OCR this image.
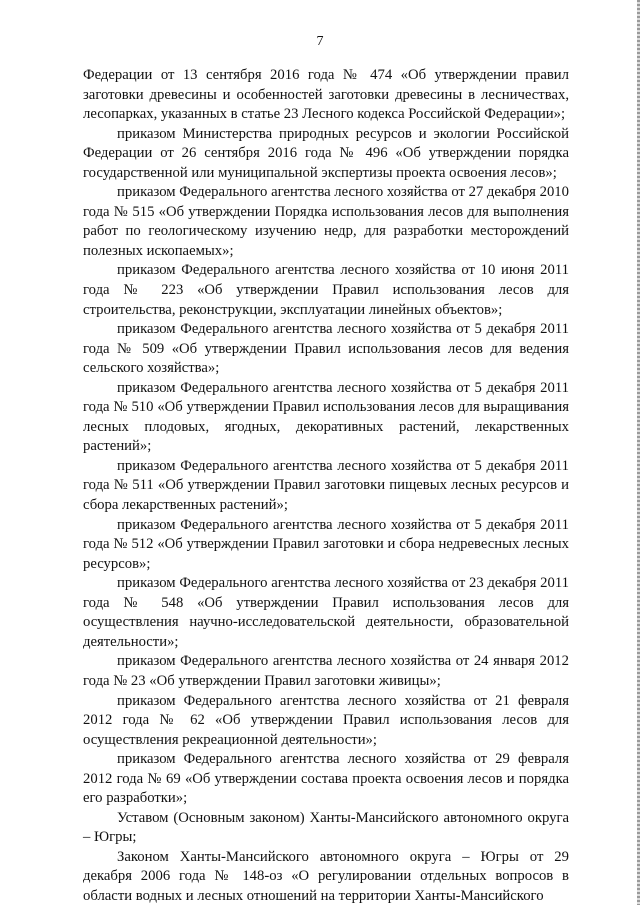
7

Федерации от 13 сентября 2016 года № 474 «Об утверждении правил заготовки древесины и особенностей заготовки древесины в лесничествах, лесопарках, указанных в статье 23 Лесного кодекса Российской Федерации»;

приказом Министерства природных ресурсов и экологии Российской Федерации от 26 сентября 2016 года № 496 «Об утверждении порядка государственной или муниципальной экспертизы проекта освоения лесов»;

приказом Федерального агентства лесного хозяйства от 27 декабря 2010 года № 515 «Об утверждении Порядка использования лесов для выполнения работ по геологическому изучению недр, для разработки месторождений полезных ископаемых»;

приказом Федерального агентства лесного хозяйства от 10 июня 2011 года № 223 «Об утверждении Правил использования лесов для строительства, реконструкции, эксплуатации линейных объектов»;

приказом Федерального агентства лесного хозяйства от 5 декабря 2011 года № 509 «Об утверждении Правил использования лесов для ведения сельского хозяйства»;

приказом Федерального агентства лесного хозяйства от 5 декабря 2011 года № 510 «Об утверждении Правил использования лесов для выращивания лесных плодовых, ягодных, декоративных растений, лекарственных растений»;

приказом Федерального агентства лесного хозяйства от 5 декабря 2011 года № 511 «Об утверждении Правил заготовки пищевых лесных ресурсов и сбора лекарственных растений»;

приказом Федерального агентства лесного хозяйства от 5 декабря 2011 года № 512 «Об утверждении Правил заготовки и сбора недревесных лесных ресурсов»;

приказом Федерального агентства лесного хозяйства от 23 декабря 2011 года № 548 «Об утверждении Правил использования лесов для осуществления научно-исследовательской деятельности, образовательной деятельности»;

приказом Федерального агентства лесного хозяйства от 24 января 2012 года № 23 «Об утверждении Правил заготовки живицы»;

приказом Федерального агентства лесного хозяйства от 21 февраля 2012 года № 62 «Об утверждении Правил использования лесов для осуществления рекреационной деятельности»;

приказом Федерального агентства лесного хозяйства от 29 февраля 2012 года № 69 «Об утверждении состава проекта освоения лесов и порядка его разработки»;

Уставом (Основным законом) Ханты-Мансийского автономного округа – Югры;

Законом Ханты-Мансийского автономного округа – Югры от 29 декабря 2006 года № 148-оз «О регулировании отдельных вопросов в области водных и лесных отношений на территории Ханты-Мансийского
